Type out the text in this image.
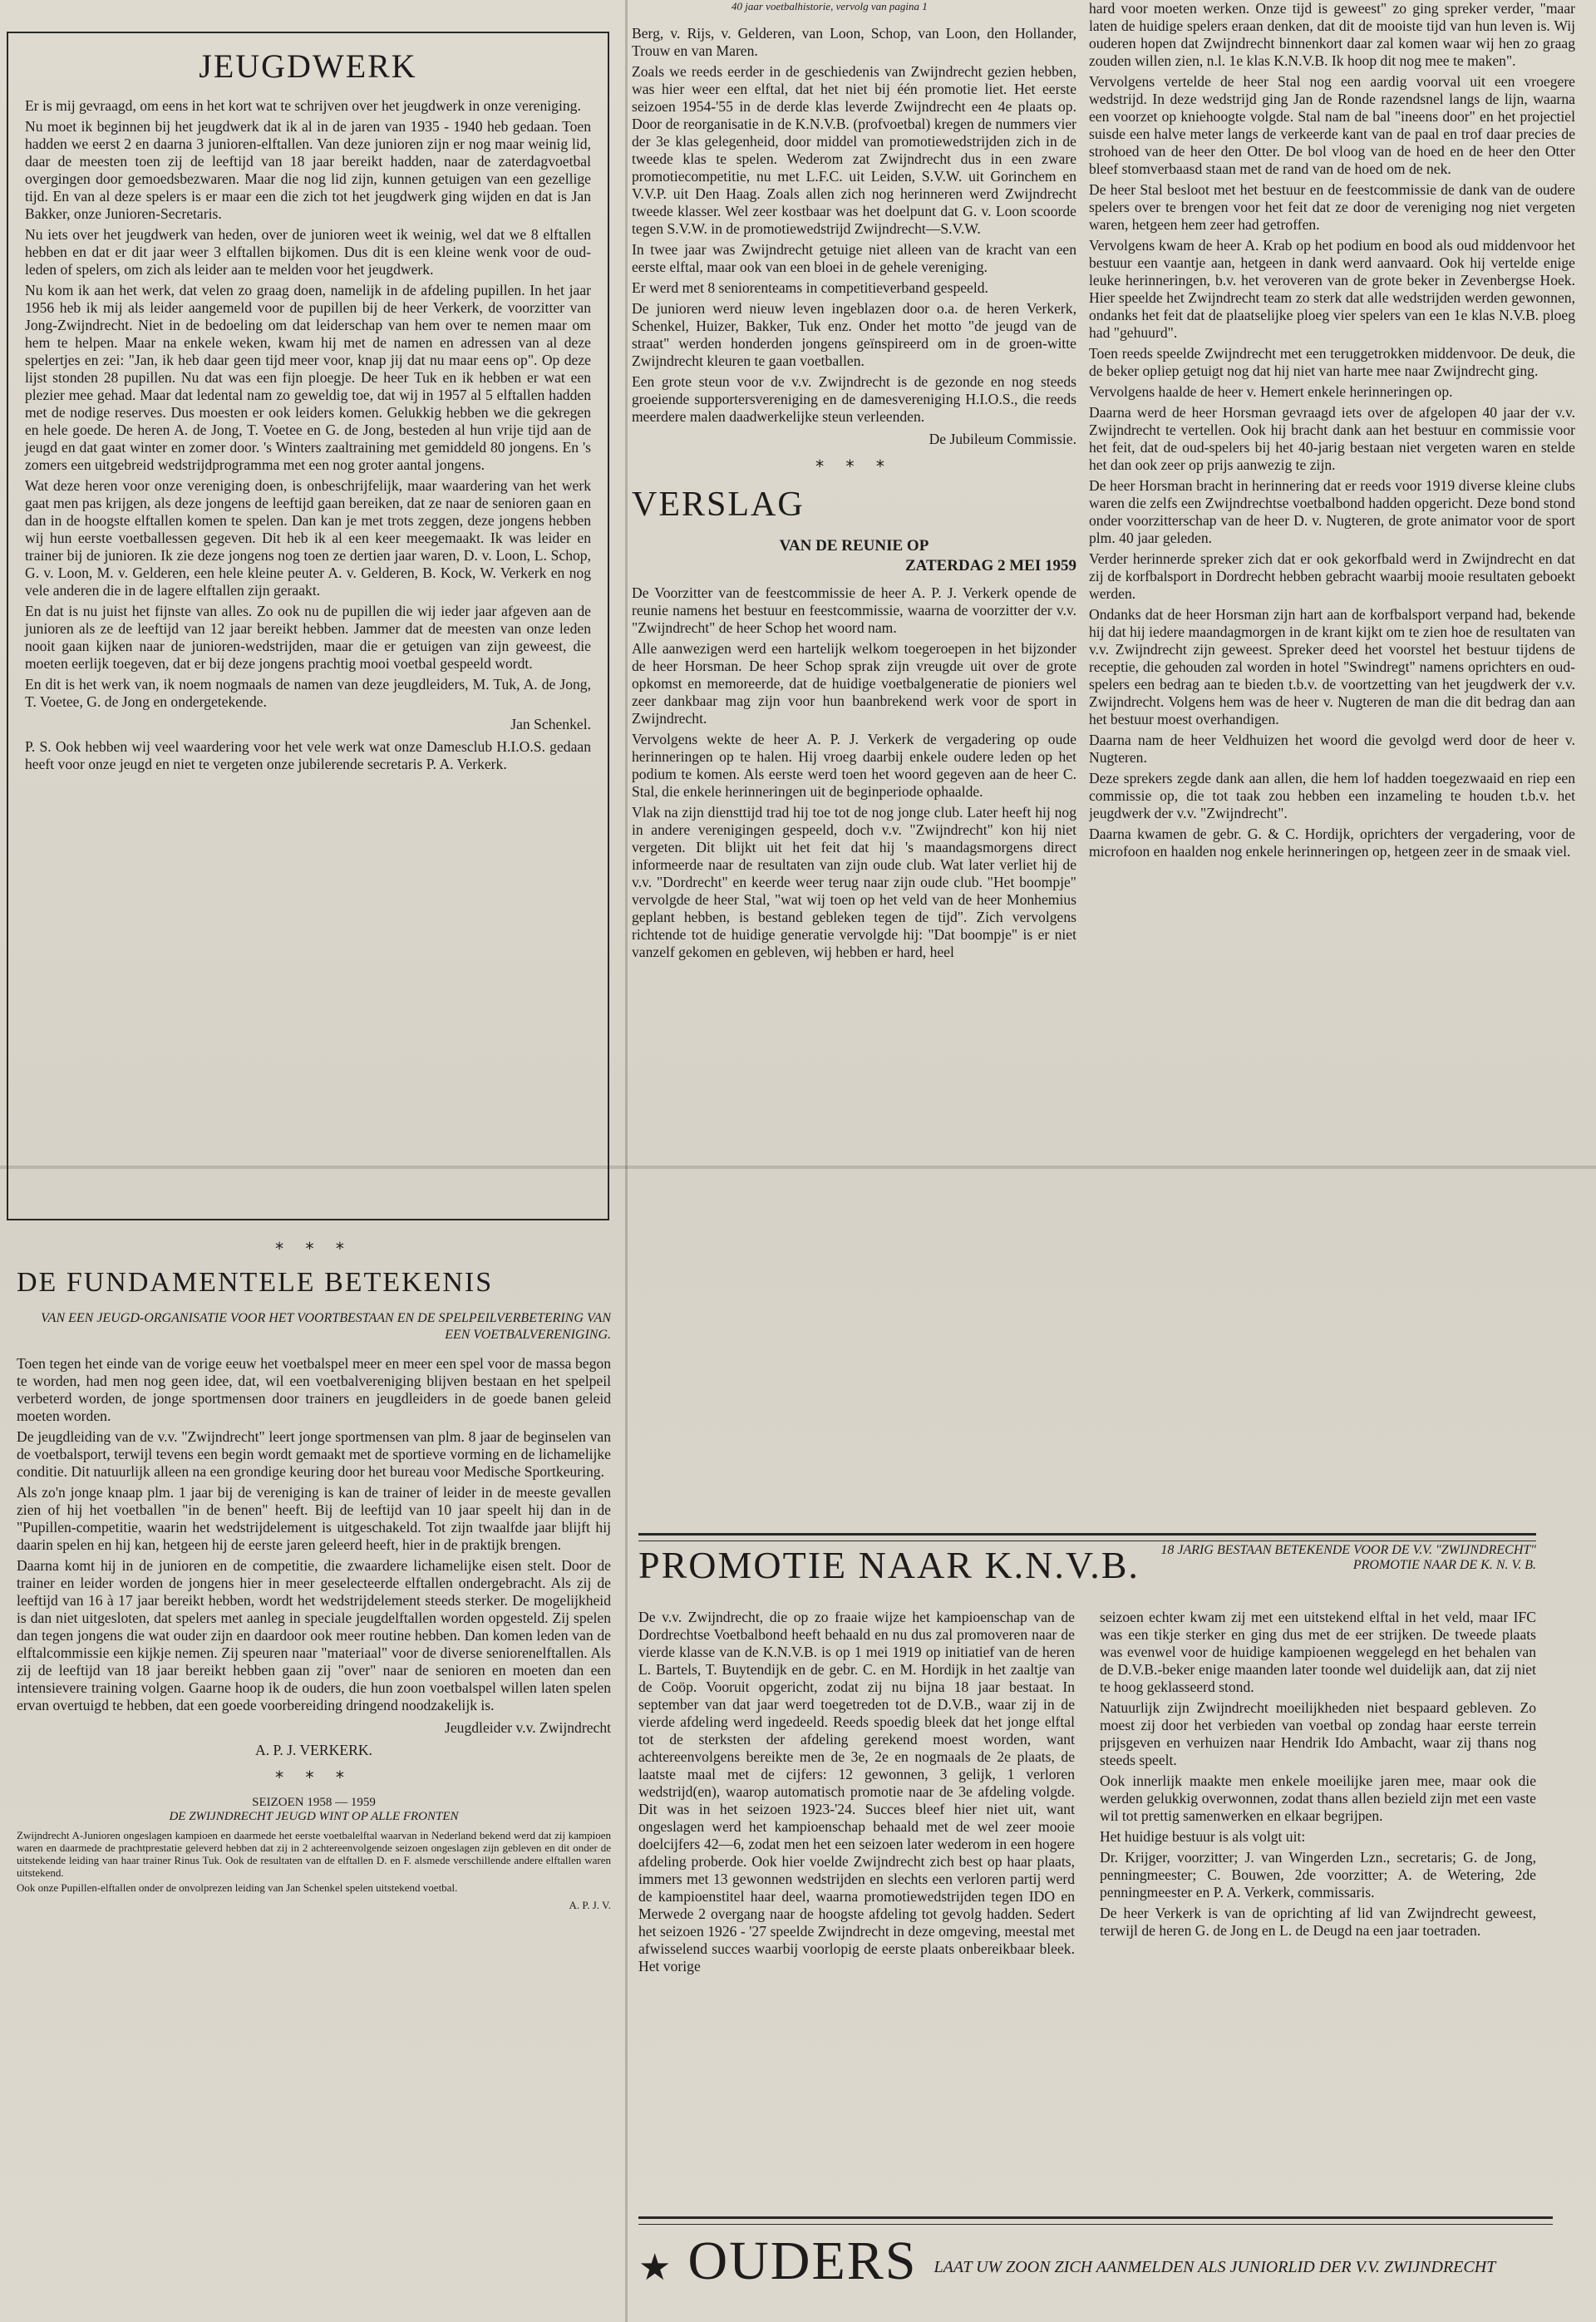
40 jaar voetbalhistorie, vervolg van pagina 1
JEUGDWERK

Er is mij gevraagd, om eens in het kort wat te schrijven over het jeugdwerk in onze vereniging.

Nu moet ik beginnen bij het jeugdwerk dat ik al in de jaren van 1935 - 1940 heb gedaan. Toen hadden we eerst 2 en daarna 3 junioren-elftallen. Van deze junioren zijn er nog maar weinig lid, daar de meesten toen zij de leeftijd van 18 jaar bereikt hadden, naar de zaterdagvoetbal overgingen door gemoedsbezwaren. Maar die nog lid zijn, kunnen getuigen van een gezellige tijd. En van al deze spelers is er maar een die zich tot het jeugdwerk ging wijden en dat is Jan Bakker, onze Junioren-Secretaris.

Nu iets over het jeugdwerk van heden, over de junioren weet ik weinig, wel dat we 8 elftallen hebben en dat er dit jaar weer 3 elftallen bijkomen. Dus dit is een kleine wenk voor de oud-leden of spelers, om zich als leider aan te melden voor het jeugdwerk.

Nu kom ik aan het werk, dat velen zo graag doen, namelijk in de afdeling pupillen. In het jaar 1956 heb ik mij als leider aangemeld voor de pupillen bij de heer Verkerk, de voorzitter van Jong-Zwijndrecht. Niet in de bedoeling om dat leiderschap van hem over te nemen maar om hem te helpen. Maar na enkele weken, kwam hij met de namen en adressen van al deze spelertjes en zei: "Jan, ik heb daar geen tijd meer voor, knap jij dat nu maar eens op". Op deze lijst stonden 28 pupillen. Nu dat was een fijn ploegje. De heer Tuk en ik hebben er wat een plezier mee gehad. Maar dat ledental nam zo geweldig toe, dat wij in 1957 al 5 elftallen hadden met de nodige reserves. Dus moesten er ook leiders komen. Gelukkig hebben we die gekregen en hele goede. De heren A. de Jong, T. Voetee en G. de Jong, besteden al hun vrije tijd aan de jeugd en dat gaat winter en zomer door. 's Winters zaaltraining met gemiddeld 80 jongens. En 's zomers een uitgebreid wedstrijdprogramma met een nog groter aantal jongens.

Wat deze heren voor onze vereniging doen, is onbeschrijfelijk, maar waardering van het werk gaat men pas krijgen, als deze jongens de leeftijd gaan bereiken, dat ze naar de senioren gaan en dan in de hoogste elftallen komen te spelen. Dan kan je met trots zeggen, deze jongens hebben wij hun eerste voetballessen gegeven. Dit heb ik al een keer meegemaakt. Ik was leider en trainer bij de junioren. Ik zie deze jongens nog toen ze dertien jaar waren, D. v. Loon, L. Schop, G. v. Loon, M. v. Gelderen, een hele kleine peuter A. v. Gelderen, B. Kock, W. Verkerk en nog vele anderen die in de lagere elftallen zijn geraakt.

En dat is nu juist het fijnste van alles. Zo ook nu de pupillen die wij ieder jaar afgeven aan de junioren als ze de leeftijd van 12 jaar bereikt hebben. Jammer dat de meesten van onze leden nooit gaan kijken naar de junioren-wedstrijden, maar die er getuigen van zijn geweest, die moeten eerlijk toegeven, dat er bij deze jongens prachtig mooi voetbal gespeeld wordt.

En dit is het werk van, ik noem nogmaals de namen van deze jeugdleiders, M. Tuk, A. de Jong, T. Voetee, G. de Jong en ondergetekende.

Jan Schenkel.

P. S. Ook hebben wij veel waardering voor het vele werk wat onze Damesclub H.I.O.S. gedaan heeft voor onze jeugd en niet te vergeten onze jubilerende secretaris P. A. Verkerk.

* * *
DE FUNDAMENTELE BETEKENIS
VAN EEN JEUGD-ORGANISATIE VOOR HET VOORTBESTAAN EN DE SPELPEILVERBETERING VAN EEN VOETBALVERENIGING.

Toen tegen het einde van de vorige eeuw het voetbalspel meer en meer een spel voor de massa begon te worden, had men nog geen idee, dat, wil een voetbalvereniging blijven bestaan en het spelpeil verbeterd worden, de jonge sportmensen door trainers en jeugdleiders in de goede banen geleid moeten worden.

De jeugdleiding van de v.v. "Zwijndrecht" leert jonge sportmensen van plm. 8 jaar de beginselen van de voetbalsport, terwijl tevens een begin wordt gemaakt met de sportieve vorming en de lichamelijke conditie. Dit natuurlijk alleen na een grondige keuring door het bureau voor Medische Sportkeuring.

Als zo'n jonge knaap plm. 1 jaar bij de vereniging is kan de trainer of leider in de meeste gevallen zien of hij het voetballen "in de benen" heeft. Bij de leeftijd van 10 jaar speelt hij dan in de "Pupillen-competitie, waarin het wedstrijdelement is uitgeschakeld. Tot zijn twaalfde jaar blijft hij daarin spelen en hij kan, hetgeen hij de eerste jaren geleerd heeft, hier in de praktijk brengen.

Daarna komt hij in de junioren en de competitie, die zwaardere lichamelijke eisen stelt. Door de trainer en leider worden de jongens hier in meer geselecteerde elftallen ondergebracht. Als zij de leeftijd van 16 à 17 jaar bereikt hebben, wordt het wedstrijdelement steeds sterker. De mogelijkheid is dan niet uitgesloten, dat spelers met aanleg in speciale jeugdelftallen worden opgesteld. Zij spelen dan tegen jongens die wat ouder zijn en daardoor ook meer routine hebben. Dan komen leden van de elftalcommissie een kijkje nemen. Zij speuren naar "materiaal" voor de diverse seniorenelftallen. Als zij de leeftijd van 18 jaar bereikt hebben gaan zij "over" naar de senioren en moeten dan een intensievere training volgen. Gaarne hoop ik de ouders, die hun zoon voetbalspel willen laten spelen ervan overtuigd te hebben, dat een goede voorbereiding dringend noodzakelijk is.

Jeugdleider v.v. Zwijndrecht
A. P. J. VERKERK.
* * *
SEIZOEN 1958 — 1959
DE ZWIJNDRECHT JEUGD WINT OP ALLE FRONTEN

Zwijndrecht A-Junioren ongeslagen kampioen en daarmede het eerste voetbalelftal waarvan in Nederland bekend werd dat zij kampioen waren en daarmede de prachtprestatie geleverd hebben dat zij in 2 achtereenvolgende seizoen ongeslagen zijn gebleven en dit onder de uitstekende leiding van haar trainer Rinus Tuk. Ook de resultaten van de elftallen D. en F. alsmede verschillende andere elftallen waren uitstekend.

Ook onze Pupillen-elftallen onder de onvolprezen leiding van Jan Schenkel spelen uitstekend voetbal.

A. P. J. V.

Berg, v. Rijs, v. Gelderen, van Loon, Schop, van Loon, den Hollander, Trouw en van Maren.

Zoals we reeds eerder in de geschiedenis van Zwijndrecht gezien hebben, was hier weer een elftal, dat het niet bij één promotie liet. Het eerste seizoen 1954-'55 in de derde klas leverde Zwijndrecht een 4e plaats op. Door de reorganisatie in de K.N.V.B. (profvoetbal) kregen de nummers vier der 3e klas gelegenheid, door middel van promotiewedstrijden zich in de tweede klas te spelen. Wederom zat Zwijndrecht dus in een zware promotiecompetitie, nu met L.F.C. uit Leiden, S.V.W. uit Gorinchem en V.V.P. uit Den Haag. Zoals allen zich nog herinneren werd Zwijndrecht tweede klasser. Wel zeer kostbaar was het doelpunt dat G. v. Loon scoorde tegen S.V.W. in de promotiewedstrijd Zwijndrecht—S.V.W.

In twee jaar was Zwijndrecht getuige niet alleen van de kracht van een eerste elftal, maar ook van een bloei in de gehele vereniging.

Er werd met 8 seniorenteams in competitieverband gespeeld.

De junioren werd nieuw leven ingeblazen door o.a. de heren Verkerk, Schenkel, Huizer, Bakker, Tuk enz. Onder het motto "de jeugd van de straat" werden honderden jongens geïnspireerd om in de groen-witte Zwijndrecht kleuren te gaan voetballen.

Een grote steun voor de v.v. Zwijndrecht is de gezonde en nog steeds groeiende supportersvereniging en de damesvereniging H.I.O.S., die reeds meerdere malen daadwerkelijke steun verleenden.

De Jubileum Commissie.
* * *
VERSLAG
VAN DE REUNIE OP
ZATERDAG 2 MEI 1959

De Voorzitter van de feestcommissie de heer A. P. J. Verkerk opende de reunie namens het bestuur en feestcommissie, waarna de voorzitter der v.v. "Zwijndrecht" de heer Schop het woord nam.

Alle aanwezigen werd een hartelijk welkom toegeroepen in het bijzonder de heer Horsman. De heer Schop sprak zijn vreugde uit over de grote opkomst en memoreerde, dat de huidige voetbalgeneratie de pioniers wel zeer dankbaar mag zijn voor hun baanbrekend werk voor de sport in Zwijndrecht.

Vervolgens wekte de heer A. P. J. Verkerk de vergadering op oude herinneringen op te halen. Hij vroeg daarbij enkele oudere leden op het podium te komen. Als eerste werd toen het woord gegeven aan de heer C. Stal, die enkele herinneringen uit de beginperiode ophaalde.

Vlak na zijn diensttijd trad hij toe tot de nog jonge club. Later heeft hij nog in andere verenigingen gespeeld, doch v.v. "Zwijndrecht" kon hij niet vergeten. Dit blijkt uit het feit dat hij 's maandagsmorgens direct informeerde naar de resultaten van zijn oude club. Wat later verliet hij de v.v. "Dordrecht" en keerde weer terug naar zijn oude club. "Het boompje" vervolgde de heer Stal, "wat wij toen op het veld van de heer Monhemius geplant hebben, is bestand gebleken tegen de tijd". Zich vervolgens richtende tot de huidige generatie vervolgde hij: "Dat boompje" is er niet vanzelf gekomen en gebleven, wij hebben er hard, heel

hard voor moeten werken. Onze tijd is geweest" zo ging spreker verder, "maar laten de huidige spelers eraan denken, dat dit de mooiste tijd van hun leven is. Wij ouderen hopen dat Zwijndrecht binnenkort daar zal komen waar wij hen zo graag zouden willen zien, n.l. 1e klas K.N.V.B. Ik hoop dit nog mee te maken".

Vervolgens vertelde de heer Stal nog een aardig voorval uit een vroegere wedstrijd. In deze wedstrijd ging Jan de Ronde razendsnel langs de lijn, waarna een voorzet op kniehoogte volgde. Stal nam de bal "ineens door" en het projectiel suisde een halve meter langs de verkeerde kant van de paal en trof daar precies de strohoed van de heer den Otter. De bol vloog van de hoed en de heer den Otter bleef stomverbaasd staan met de rand van de hoed om de nek.

De heer Stal besloot met het bestuur en de feestcommissie de dank van de oudere spelers over te brengen voor het feit dat ze door de vereniging nog niet vergeten waren, hetgeen hem zeer had getroffen.

Vervolgens kwam de heer A. Krab op het podium en bood als oud middenvoor het bestuur een vaantje aan, hetgeen in dank werd aanvaard. Ook hij vertelde enige leuke herinneringen, b.v. het veroveren van de grote beker in Zevenbergse Hoek. Hier speelde het Zwijndrecht team zo sterk dat alle wedstrijden werden gewonnen, ondanks het feit dat de plaatselijke ploeg vier spelers van een 1e klas N.V.B. ploeg had "gehuurd".

Toen reeds speelde Zwijndrecht met een teruggetrokken middenvoor. De deuk, die de beker opliep getuigt nog dat hij niet van harte mee naar Zwijndrecht ging.

Vervolgens haalde de heer v. Hemert enkele herinneringen op.

Daarna werd de heer Horsman gevraagd iets over de afgelopen 40 jaar der v.v. Zwijndrecht te vertellen. Ook hij bracht dank aan het bestuur en commissie voor het feit, dat de oud-spelers bij het 40-jarig bestaan niet vergeten waren en stelde het dan ook zeer op prijs aanwezig te zijn.

De heer Horsman bracht in herinnering dat er reeds voor 1919 diverse kleine clubs waren die zelfs een Zwijndrechtse voetbalbond hadden opgericht. Deze bond stond onder voorzitterschap van de heer D. v. Nugteren, de grote animator voor de sport plm. 40 jaar geleden.

Verder herinnerde spreker zich dat er ook gekorfbald werd in Zwijndrecht en dat zij de korfbalsport in Dordrecht hebben gebracht waarbij mooie resultaten geboekt werden.

Ondanks dat de heer Horsman zijn hart aan de korfbalsport verpand had, bekende hij dat hij iedere maandagmorgen in de krant kijkt om te zien hoe de resultaten van v.v. Zwijndrecht zijn geweest. Spreker deed het voorstel het bestuur tijdens de receptie, die gehouden zal worden in hotel "Swindregt" namens oprichters en oud-spelers een bedrag aan te bieden t.b.v. de voortzetting van het jeugdwerk der v.v. Zwijndrecht. Volgens hem was de heer v. Nugteren de man die dit bedrag dan aan het bestuur moest overhandigen.

Daarna nam de heer Veldhuizen het woord die gevolgd werd door de heer v. Nugteren.

Deze sprekers zegde dank aan allen, die hem lof hadden toegezwaaid en riep een commissie op, die tot taak zou hebben een inzameling te houden t.b.v. het jeugdwerk der v.v. "Zwijndrecht".

Daarna kwamen de gebr. G. & C. Hordijk, oprichters der vergadering, voor de microfoon en haalden nog enkele herinneringen op, hetgeen zeer in de smaak viel.

PROMOTIE NAAR K.N.V.B.	18 JARIG BESTAAN BETEKENDE VOOR DE V.V. "ZWIJNDRECHT" PROMOTIE NAAR DE K. N. V. B.

De v.v. Zwijndrecht, die op zo fraaie wijze het kampioenschap van de Dordrechtse Voetbalbond heeft behaald en nu dus zal promoveren naar de vierde klasse van de K.N.V.B. is op 1 mei 1919 op initiatief van de heren L. Bartels, T. Buytendijk en de gebr. C. en M. Hordijk in het zaaltje van de Coöp. Vooruit opgericht, zodat zij nu bijna 18 jaar bestaat. In september van dat jaar werd toegetreden tot de D.V.B., waar zij in de vierde afdeling werd ingedeeld. Reeds spoedig bleek dat het jonge elftal tot de sterksten der afdeling gerekend moest worden, want achtereenvolgens bereikte men de 3e, 2e en nogmaals de 2e plaats, de laatste maal met de cijfers: 12 gewonnen, 3 gelijk, 1 verloren wedstrijd(en), waarop automatisch promotie naar de 3e afdeling volgde. Dit was in het seizoen 1923-'24. Succes bleef hier niet uit, want ongeslagen werd het kampioenschap behaald met de wel zeer mooie doelcijfers 42—6, zodat men het een seizoen later wederom in een hogere afdeling proberde. Ook hier voelde Zwijndrecht zich best op haar plaats, immers met 13 gewonnen wedstrijden en slechts een verloren partij werd de kampioenstitel haar deel, waarna promotiewedstrijden tegen IDO en Merwede 2 overgang naar de hoogste afdeling tot gevolg hadden. Sedert het seizoen 1926 - '27 speelde Zwijndrecht in deze omgeving, meestal met afwisselend succes waarbij voorlopig de eerste plaats onbereikbaar bleek. Het vorige

seizoen echter kwam zij met een uitstekend elftal in het veld, maar IFC was een tikje sterker en ging dus met de eer strijken. De tweede plaats was evenwel voor de huidige kampioenen weggelegd en het behalen van de D.V.B.-beker enige maanden later toonde wel duidelijk aan, dat zij niet te hoog geklasseerd stond.

Natuurlijk zijn Zwijndrecht moeilijkheden niet bespaard gebleven. Zo moest zij door het verbieden van voetbal op zondag haar eerste terrein prijsgeven en verhuizen naar Hendrik Ido Ambacht, waar zij thans nog steeds speelt.

Ook innerlijk maakte men enkele moeilijke jaren mee, maar ook die werden gelukkig overwonnen, zodat thans allen bezield zijn met een vaste wil tot prettig samenwerken en elkaar begrijpen.

Het huidige bestuur is als volgt uit:

Dr. Krijger, voorzitter; J. van Wingerden Lzn., secretaris; G. de Jong, penningmeester; C. Bouwen, 2de voorzitter; A. de Wetering, 2de penningmeester en P. A. Verkerk, commissaris.

De heer Verkerk is van de oprichting af lid van Zwijndrecht geweest, terwijl de heren G. de Jong en L. de Deugd na een jaar toetraden.

★ OUDERS LAAT UW ZOON ZICH AANMELDEN ALS JUNIORLID DER V.V. ZWIJNDRECHT
